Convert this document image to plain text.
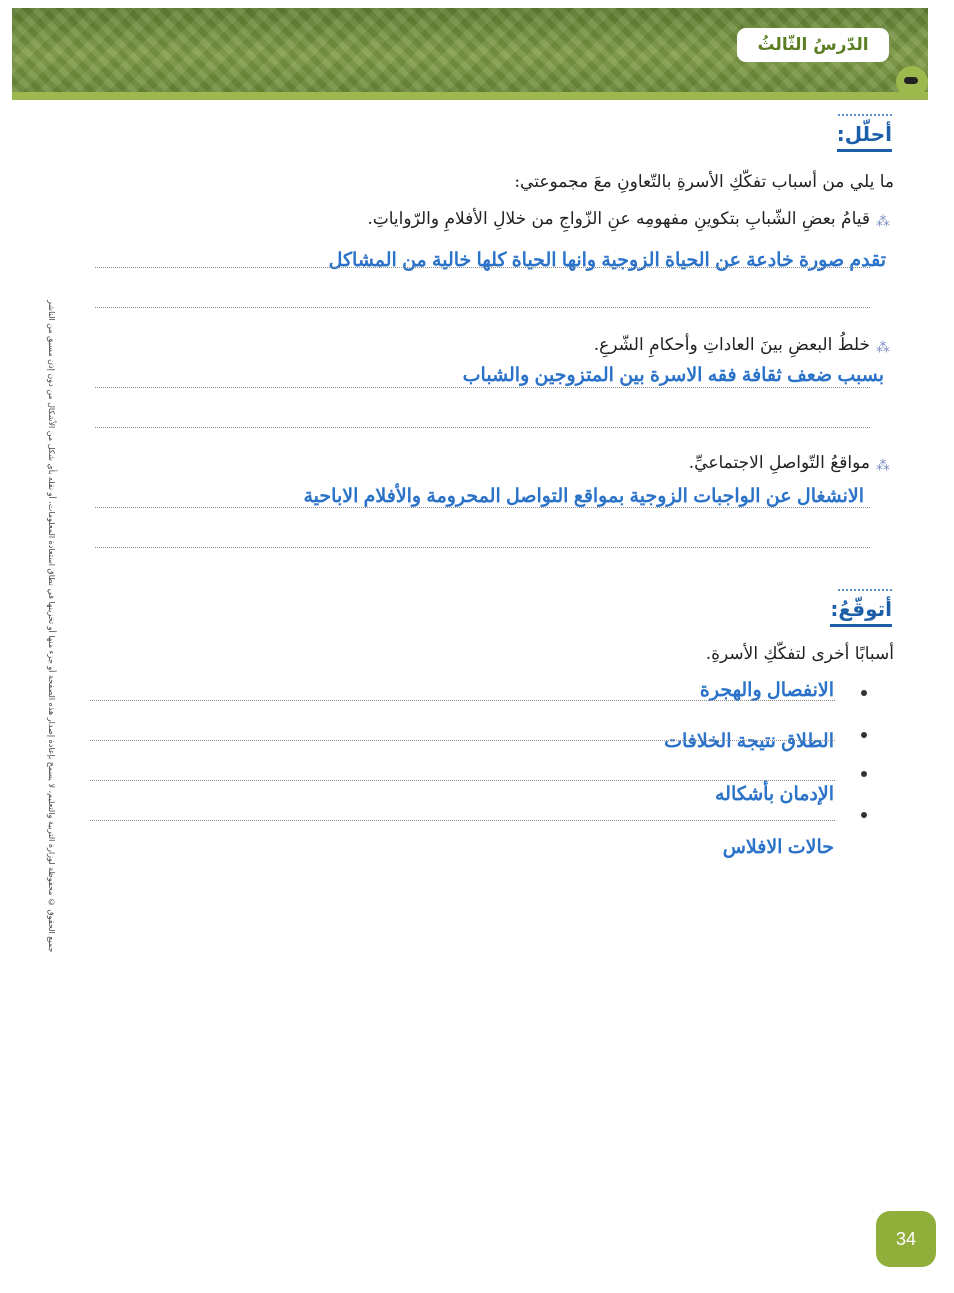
الدّرسُ الثّالثُ
جميع الحقوق © محفوظة لوزارة التربية والتعليم، لا يسمح بإعادة إصدار هذه الصفحة أو جزء منها أو تخزينها في نطاق استعادة المعلومات، أو نقله بأي شكل من الأشكال من دون إذن مسبق من الناشر
أحلّل:
ما يلي من أسباب تفكّكِ الأسرةِ بالتّعاونِ معَ مجموعتي:
⁂
قيامُ بعضِ الشّبابِ بتكوينِ مفهومِه عنِ الزّواجِ من خلالِ الأفلامِ والرّواياتِ.
تقدم صورة خادعة عن الحياة الزوجية وانها الحياة كلها خالية من المشاكل
⁂
خلطُ البعضِ بينَ العاداتِ وأحكامِ الشّرعِ.
بسبب ضعف ثقافة فقه الاسرة بين المتزوجين والشباب
⁂
مواقعُ التّواصلِ الاجتماعيِّ.
الانشغال عن الواجبات الزوجية بمواقع التواصل المحرومة والأفلام الاباحية
أتوقّعُ:
أسبابًا أخرى لتفكّكِ الأسرةِ.
الانفصال والهجرة
الطلاق نتيجة الخلافات
الإدمان بأشكاله
حالات الافلاس
34
